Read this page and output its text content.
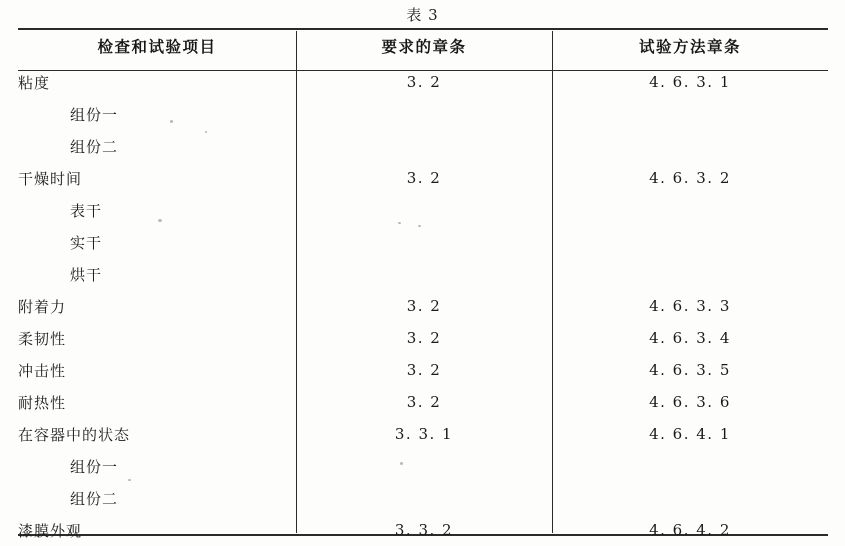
表 3
检查和试验项目	要求的章条	试验方法章条
粘度	3. 2	4. 6. 3. 1
组份一		
组份二		
干燥时间	3. 2	4. 6. 3. 2
表干		
实干		
烘干		
附着力	3. 2	4. 6. 3. 3
柔韧性	3. 2	4. 6. 3. 4
冲击性	3. 2	4. 6. 3. 5
耐热性	3. 2	4. 6. 3. 6
在容器中的状态	3. 3. 1	4. 6. 4. 1
组份一		
组份二		
漆膜外观	3. 3. 2	4. 6. 4. 2
